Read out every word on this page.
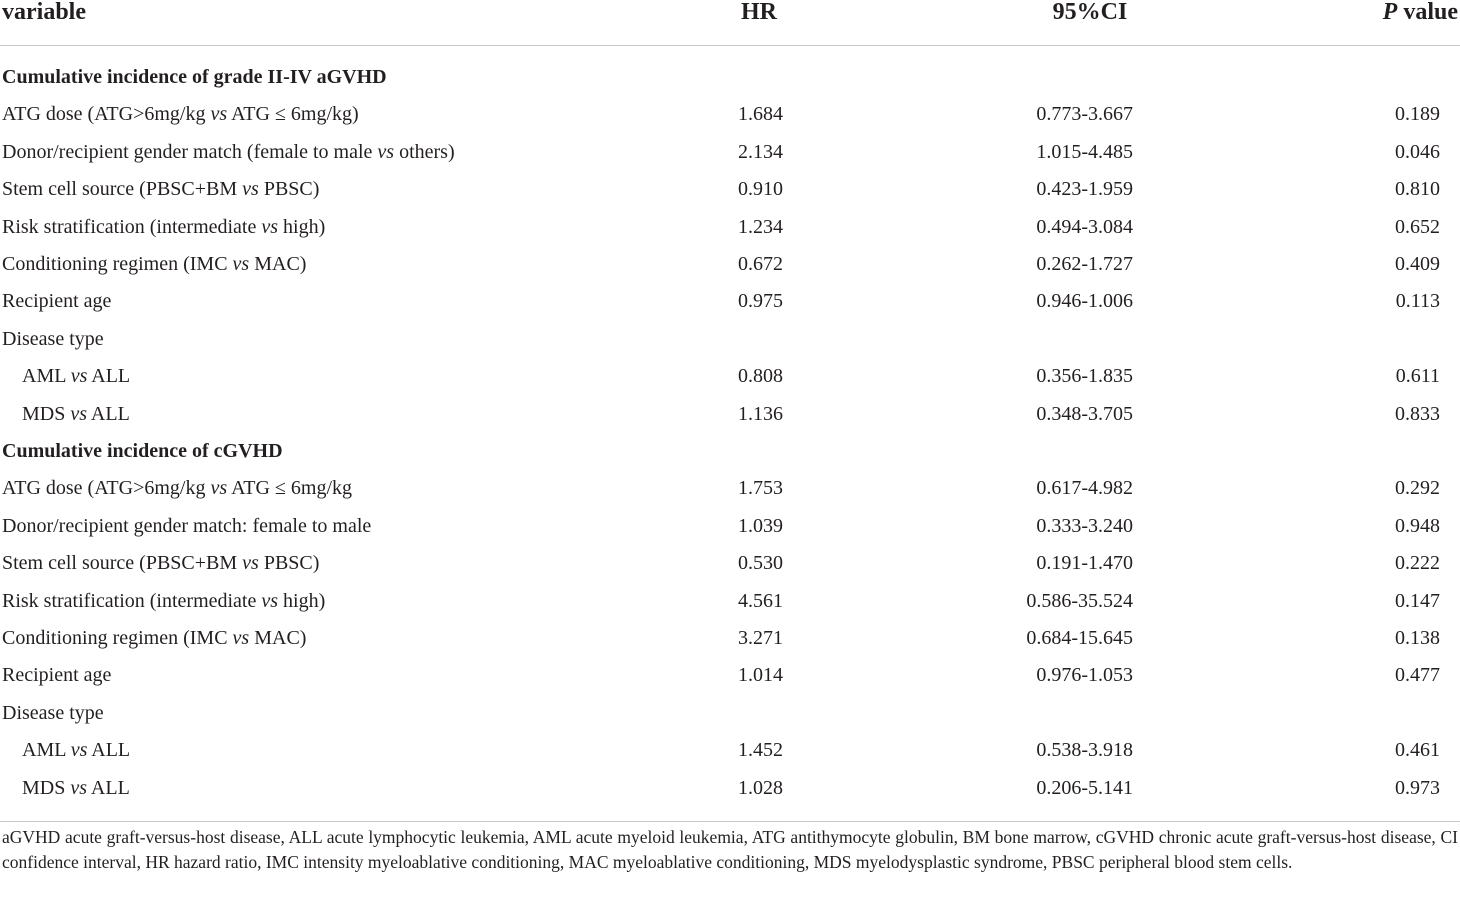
variable	HR	95%CI	P value
Cumulative incidence of grade II-IV aGVHD
ATG dose (ATG>6mg/kg vs ATG ≤ 6mg/kg)	1.684	0.773-3.667	0.189
Donor/recipient gender match (female to male vs others)	2.134	1.015-4.485	0.046
Stem cell source (PBSC+BM vs PBSC)	0.910	0.423-1.959	0.810
Risk stratification (intermediate vs high)	1.234	0.494-3.084	0.652
Conditioning regimen (IMC vs MAC)	0.672	0.262-1.727	0.409
Recipient age	0.975	0.946-1.006	0.113
Disease type
AML vs ALL	0.808	0.356-1.835	0.611
MDS vs ALL	1.136	0.348-3.705	0.833
Cumulative incidence of cGVHD
ATG dose (ATG>6mg/kg vs ATG ≤ 6mg/kg	1.753	0.617-4.982	0.292
Donor/recipient gender match: female to male	1.039	0.333-3.240	0.948
Stem cell source (PBSC+BM vs PBSC)	0.530	0.191-1.470	0.222
Risk stratification (intermediate vs high)	4.561	0.586-35.524	0.147
Conditioning regimen (IMC vs MAC)	3.271	0.684-15.645	0.138
Recipient age	1.014	0.976-1.053	0.477
Disease type
AML vs ALL	1.452	0.538-3.918	0.461
MDS vs ALL	1.028	0.206-5.141	0.973
aGVHD acute graft-versus-host disease, ALL acute lymphocytic leukemia, AML acute myeloid leukemia, ATG antithymocyte globulin, BM bone marrow, cGVHD chronic acute graft-versus-host disease, CI confidence interval, HR hazard ratio, IMC intensity myeloablative conditioning, MAC myeloablative conditioning, MDS myelodysplastic syndrome, PBSC peripheral blood stem cells.
